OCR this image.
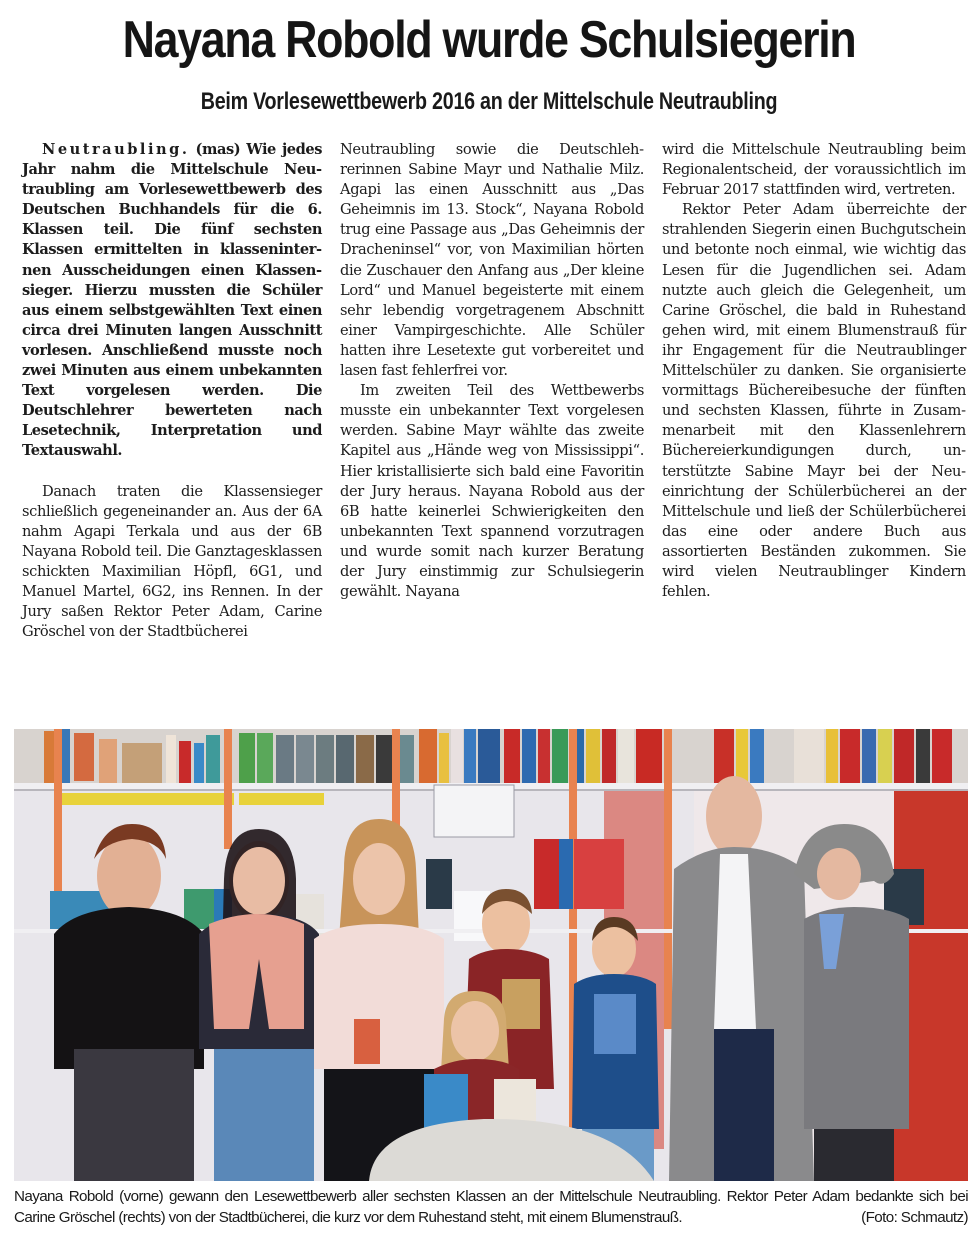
Nayana Robold wurde Schulsiegerin
Beim Vorlesewettbewerb 2016 an der Mittelschule Neutraubling

Neutraubling. (mas) Wie jedes Jahr nahm die Mittelschule Neutraubling am Vorlesewettbewerb des Deutschen Buchhandels für die 6. Klassen teil. Die fünf sechsten Klassen ermittelten in klasseninternen Ausscheidungen einen Klassensieger. Hierzu mussten die Schüler aus einem selbstgewählten Text einen circa drei Minuten langen Ausschnitt vorlesen. Anschließend musste noch zwei Minuten aus einem unbekannten Text vorgelesen werden. Die Deutschlehrer bewerteten nach Lesetechnik, Interpretation und Textauswahl.

Danach traten die Klassensieger schließlich gegeneinander an. Aus der 6A nahm Agapi Terkala und aus der 6B Nayana Robold teil. Die Ganztagesklassen schickten Maximilian Höpfl, 6G1, und Manuel Martel, 6G2, ins Rennen. In der Jury saßen Rektor Peter Adam, Carine Gröschel von der Stadtbücherei

Neutraubling sowie die Deutschlehrerinnen Sabine Mayr und Nathalie Milz. Agapi las einen Ausschnitt aus „Das Geheimnis im 13. Stock“, Nayana Robold trug eine Passage aus „Das Geheimnis der Dracheninsel“ vor, von Maximilian hörten die Zuschauer den Anfang aus „Der kleine Lord“ und Manuel begeisterte mit einem sehr lebendig vorgetragenem Abschnitt einer Vampirgeschichte. Alle Schüler hatten ihre Lesetexte gut vorbereitet und lasen fast fehlerfrei vor.

Im zweiten Teil des Wettbewerbs musste ein unbekannter Text vorgelesen werden. Sabine Mayr wählte das zweite Kapitel aus „Hände weg von Mississippi“. Hier kristallisierte sich bald eine Favoritin der Jury heraus. Nayana Robold aus der 6B hatte keinerlei Schwierigkeiten den unbekannten Text spannend vorzutragen und wurde somit nach kurzer Beratung der Jury einstimmig zur Schulsiegerin gewählt. Nayana

wird die Mittelschule Neutraubling beim Regionalentscheid, der voraussichtlich im Februar 2017 stattfinden wird, vertreten.

Rektor Peter Adam überreichte der strahlenden Siegerin einen Buchgutschein und betonte noch einmal, wie wichtig das Lesen für die Jugendlichen sei. Adam nutzte auch gleich die Gelegenheit, um Carine Gröschel, die bald in Ruhestand gehen wird, mit einem Blumenstrauß für ihr Engagement für die Neutraublinger Mittelschüler zu danken. Sie organisierte vormittags Büchereibesuche der fünften und sechsten Klassen, führte in Zusammenarbeit mit den Klassenlehrern Büchereierkundigungen durch, unterstützte Sabine Mayr bei der Neueinrichtung der Schülerbücherei an der Mittelschule und ließ der Schülerbücherei das eine oder andere Buch aus assortierten Beständen zukommen. Sie wird vielen Neutraublinger Kindern fehlen.

Nayana Robold (vorne) gewann den Lesewettbewerb aller sechsten Klassen an der Mittelschule Neutraubling. Rektor Peter Adam bedankte sich bei Carine Gröschel (rechts) von der Stadtbücherei, die kurz vor dem Ruhestand steht, mit einem Blumenstrauß.	(Foto: Schmautz)
